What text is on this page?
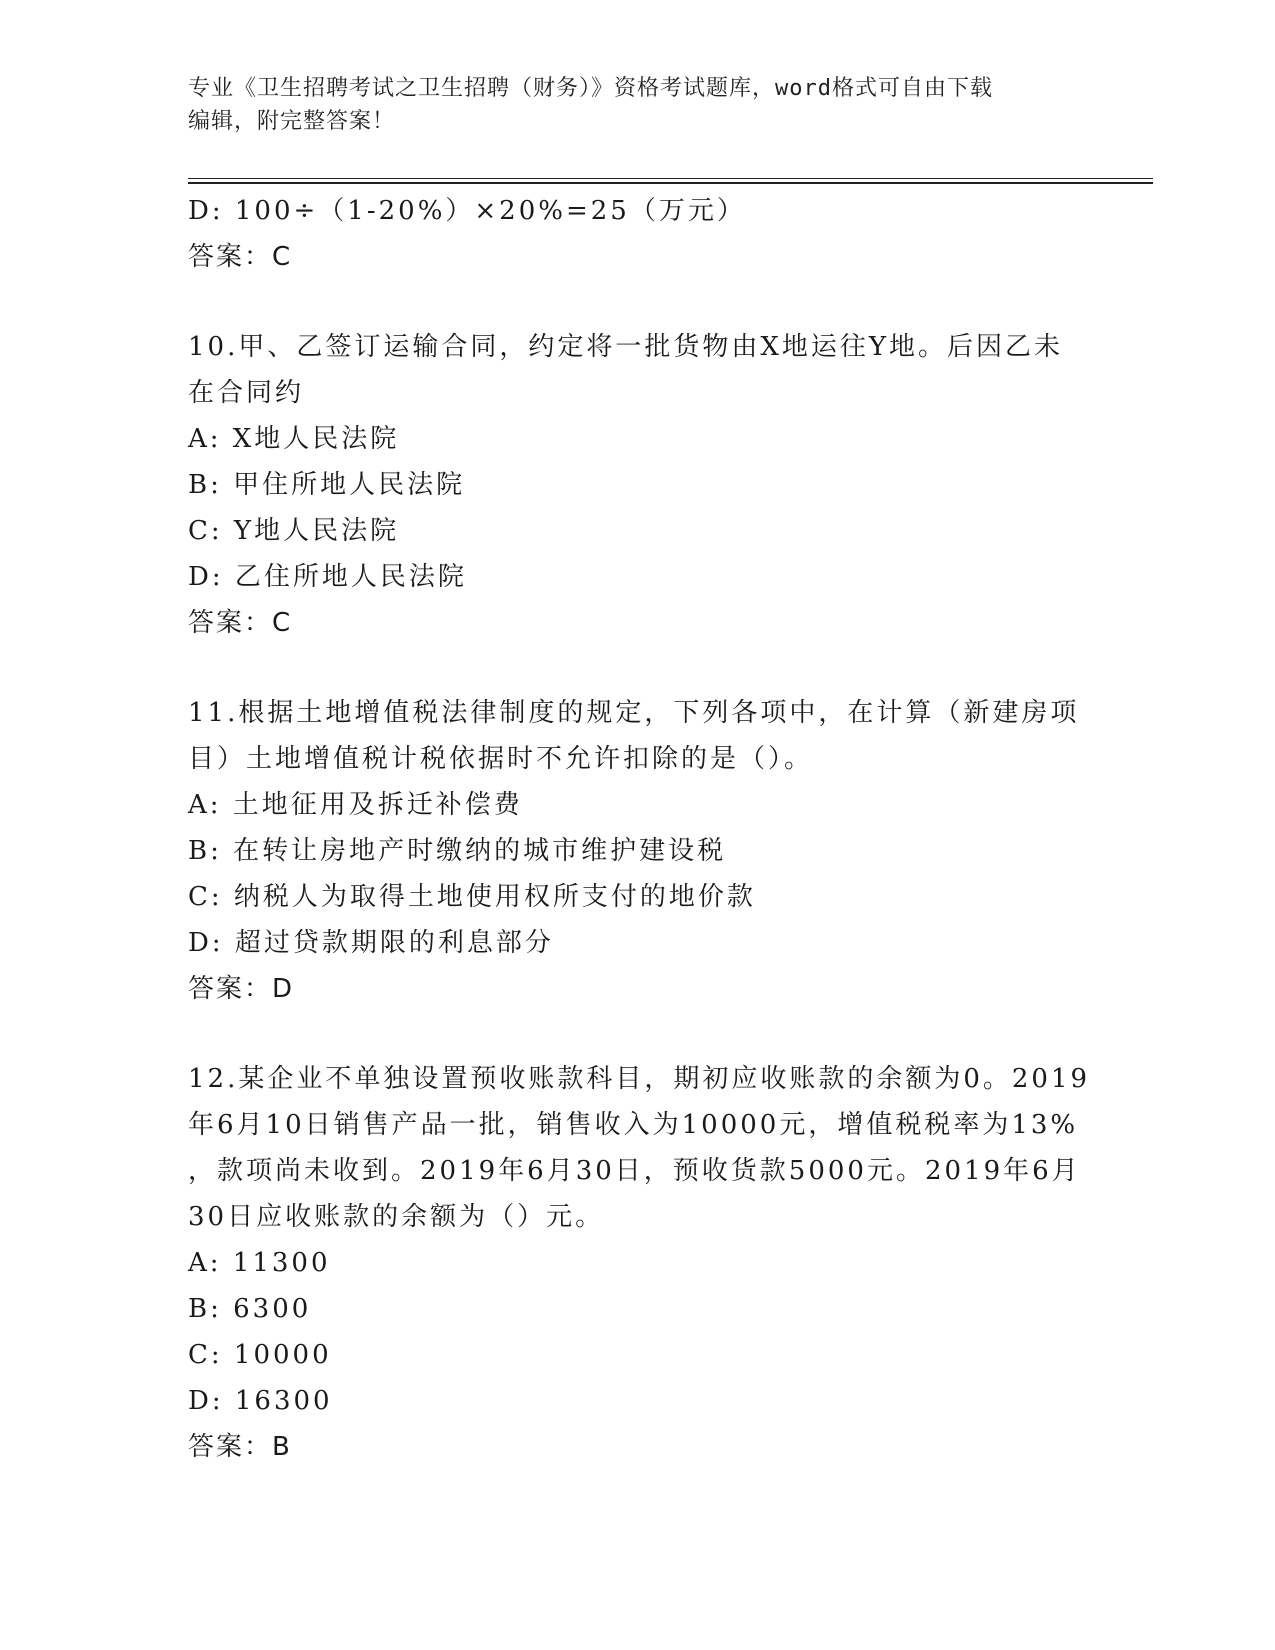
专业《卫生招聘考试之卫生招聘（财务）》资格考试题库，word格式可自由下载
编辑，附完整答案！
D: 100÷（1-20%）×20%=25（万元）
答案：C
10.甲、乙签订运输合同，约定将一批货物由X地运往Y地。后因乙未
在合同约
A: X地人民法院
B: 甲住所地人民法院
C: Y地人民法院
D: 乙住所地人民法院
答案：C
11.根据土地增值税法律制度的规定，下列各项中，在计算（新建房项
目）土地增值税计税依据时不允许扣除的是（）。
A: 土地征用及拆迁补偿费
B: 在转让房地产时缴纳的城市维护建设税
C: 纳税人为取得土地使用权所支付的地价款
D: 超过贷款期限的利息部分
答案：D
12.某企业不单独设置预收账款科目，期初应收账款的余额为0。2019
年6月10日销售产品一批，销售收入为10000元，增值税税率为13%
，款项尚未收到。2019年6月30日，预收货款5000元。2019年6月
30日应收账款的余额为（）元。
A: 11300
B: 6300
C: 10000
D: 16300
答案：B
